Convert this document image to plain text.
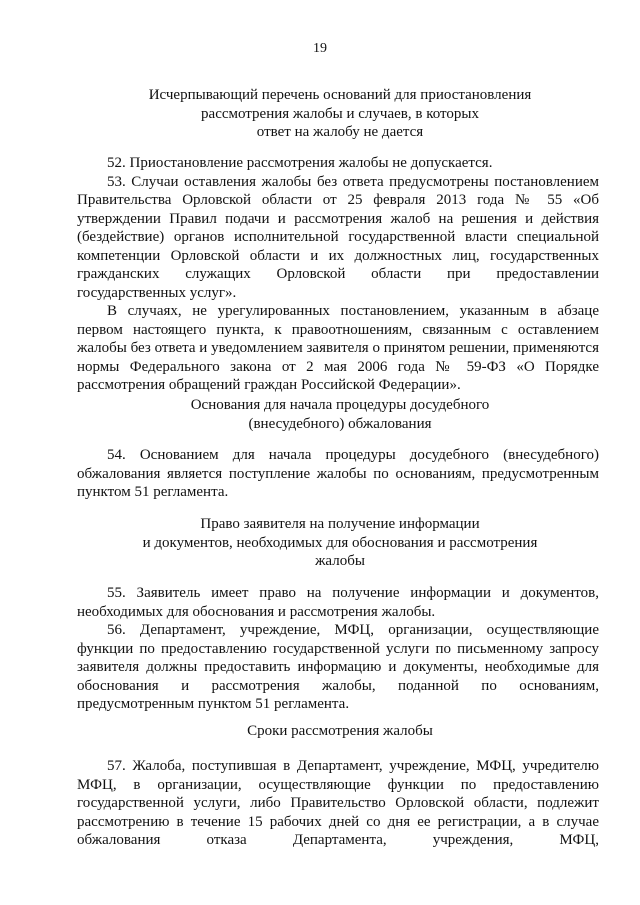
19
Исчерпывающий перечень оснований для приостановления
рассмотрения жалобы и случаев, в которых
ответ на жалобу не дается

52. Приостановление рассмотрения жалобы не допускается.

53. Случаи оставления жалобы без ответа предусмотрены постановлением Правительства Орловской области от 25 февраля 2013 года № 55 «Об утверждении Правил подачи и рассмотрения жалоб на решения и действия (бездействие) органов исполнительной государственной власти специальной компетенции Орловской области и их должностных лиц, государственных гражданских служащих Орловской области при предоставлении государственных услуг».

В случаях, не урегулированных постановлением, указанным в абзаце первом настоящего пункта, к правоотношениям, связанным с оставлением жалобы без ответа и уведомлением заявителя о принятом решении, применяются нормы Федерального закона от 2 мая 2006 года № 59-ФЗ «О Порядке рассмотрения обращений граждан Российской Федерации».

Основания для начала процедуры досудебного
(внесудебного) обжалования

54. Основанием для начала процедуры досудебного (внесудебного) обжалования является поступление жалобы по основаниям, предусмотренным пунктом 51 регламента.

Право заявителя на получение информации
и документов, необходимых для обоснования и рассмотрения
жалобы

55. Заявитель имеет право на получение информации и документов, необходимых для обоснования и рассмотрения жалобы.

56. Департамент, учреждение, МФЦ, организации, осуществляющие функции по предоставлению государственной услуги по письменному запросу заявителя должны предоставить информацию и документы, необходимые для обоснования и рассмотрения жалобы, поданной по основаниям, предусмотренным пунктом 51 регламента.

Сроки рассмотрения жалобы

57. Жалоба, поступившая в Департамент, учреждение, МФЦ, учредителю МФЦ, в организации, осуществляющие функции по предоставлению государственной услуги, либо Правительство Орловской области, подлежит рассмотрению в течение 15 рабочих дней со дня ее регистрации, а в случае обжалования отказа Департамента, учреждения, МФЦ,
